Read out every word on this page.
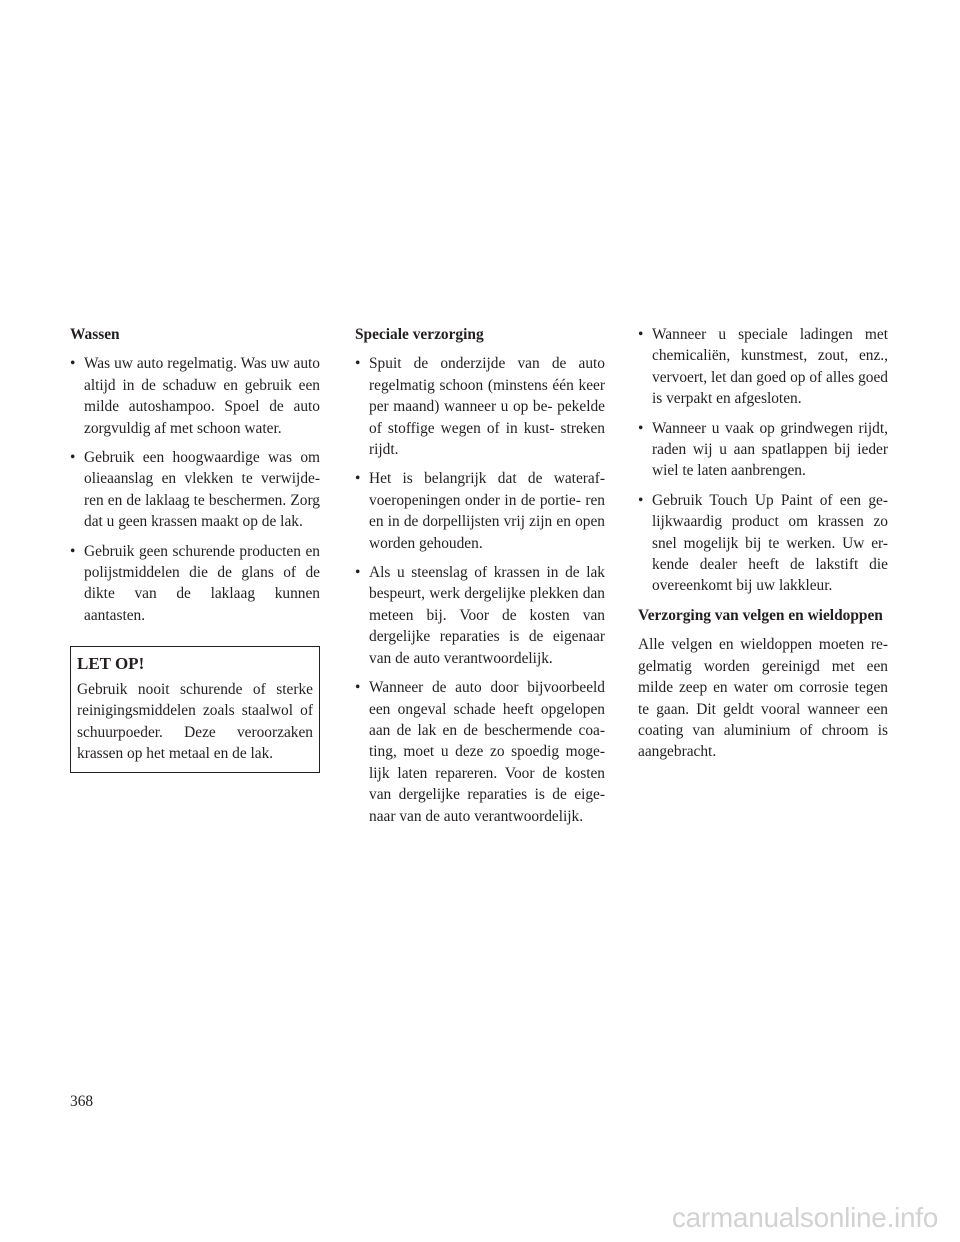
Wassen
• Was uw auto regelmatig. Was uw auto altijd in de schaduw en gebruik een milde autoshampoo. Spoel de auto zorgvuldig af met schoon water.
• Gebruik een hoogwaardige was om olieaanslag en vlekken te verwijde- ren en de laklaag te beschermen. Zorg dat u geen krassen maakt op de lak.
• Gebruik geen schurende producten en polijstmiddelen die de glans of de dikte van de laklaag kunnen aantasten.
LET OP!
Gebruik nooit schurende of sterke reinigingsmiddelen zoals staalwol of schuurpoeder. Deze veroorzaken krassen op het metaal en de lak.
Speciale verzorging
• Spuit de onderzijde van de auto regelmatig schoon (minstens één keer per maand) wanneer u op be- pekelde of stoffige wegen of in kust- streken rijdt.
• Het is belangrijk dat de wateraf- voeropeningen onder in de portie- ren en in de dorpellijsten vrij zijn en open worden gehouden.
• Als u steenslag of krassen in de lak bespeurt, werk dergelijke plekken dan meteen bij. Voor de kosten van dergelijke reparaties is de eigenaar van de auto verantwoordelijk.
• Wanneer de auto door bijvoorbeeld een ongeval schade heeft opgelopen aan de lak en de beschermende coa- ting, moet u deze zo spoedig moge- lijk laten repareren. Voor de kosten van dergelijke reparaties is de eige- naar van de auto verantwoordelijk.
• Wanneer u speciale ladingen met chemicaliën, kunstmest, zout, enz., vervoert, let dan goed op of alles goed is verpakt en afgesloten.
• Wanneer u vaak op grindwegen rijdt, raden wij u aan spatlappen bij ieder wiel te laten aanbrengen.
• Gebruik Touch Up Paint of een ge- lijkwaardig product om krassen zo snel mogelijk bij te werken. Uw er- kende dealer heeft de lakstift die overeenkomt bij uw lakkleur.
Verzorging van velgen en wieldoppen
Alle velgen en wieldoppen moeten re- gelmatig worden gereinigd met een milde zeep en water om corrosie tegen te gaan. Dit geldt vooral wanneer een coating van aluminium of chroom is aangebracht.
368
carmanualsonline.info
